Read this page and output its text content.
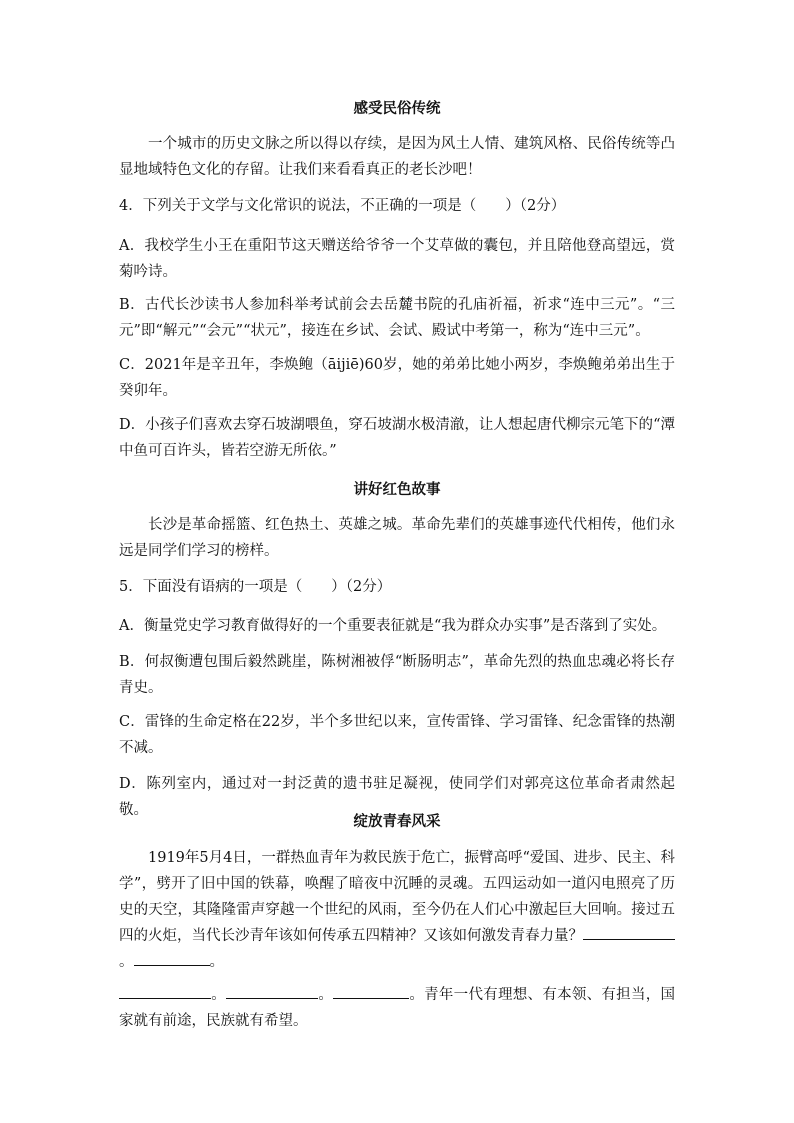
感受民俗传统

一个城市的历史文脉之所以得以存续，是因为风土人情、建筑风格、民俗传统等凸显地域特色文化的存留。让我们来看看真正的老长沙吧！

4．下列关于文学与文化常识的说法，不正确的一项是（　　）（2分）

A．我校学生小王在重阳节这天赠送给爷爷一个艾草做的囊包，并且陪他登高望远，赏菊吟诗。

B．古代长沙读书人参加科举考试前会去岳麓书院的孔庙祈福，祈求“连中三元”。“三元”即“解元”“会元”“状元”，接连在乡试、会试、殿试中考第一，称为“连中三元”。

C．2021年是辛丑年，李焕鲍（āijiē)60岁，她的弟弟比她小两岁，李焕鲍弟弟出生于癸卯年。

D．小孩子们喜欢去穿石坡湖喂鱼，穿石坡湖水极清澈，让人想起唐代柳宗元笔下的“潭中鱼可百许头，皆若空游无所依。”

讲好红色故事

长沙是革命摇篮、红色热土、英雄之城。革命先辈们的英雄事迹代代相传，他们永远是同学们学习的榜样。

5．下面没有语病的一项是（　　）（2分）

A．衡量党史学习教育做得好的一个重要表征就是“我为群众办实事”是否落到了实处。

B．何叔衡遭包围后毅然跳崖，陈树湘被俘“断肠明志”，革命先烈的热血忠魂必将长存青史。

C．雷锋的生命定格在22岁，半个多世纪以来，宣传雷锋、学习雷锋、纪念雷锋的热潮不减。

D．陈列室内，通过对一封泛黄的遗书驻足凝视，使同学们对郭亮这位革命者肃然起敬。

绽放青春风采

1919年5月4日，一群热血青年为救民族于危亡，振臂高呼“爱国、进步、民主、科学”，劈开了旧中国的铁幕，唤醒了暗夜中沉睡的灵魂。五四运动如一道闪电照亮了历史的天空，其隆隆雷声穿越一个世纪的风雨，至今仍在人们心中激起巨大回响。接过五四的火炬，当代长沙青年该如何传承五四精神？又该如何激发青春力量？。	。

。	。	。青年一代有理想、有本领、有担当，国家就有前途，民族就有希望。
